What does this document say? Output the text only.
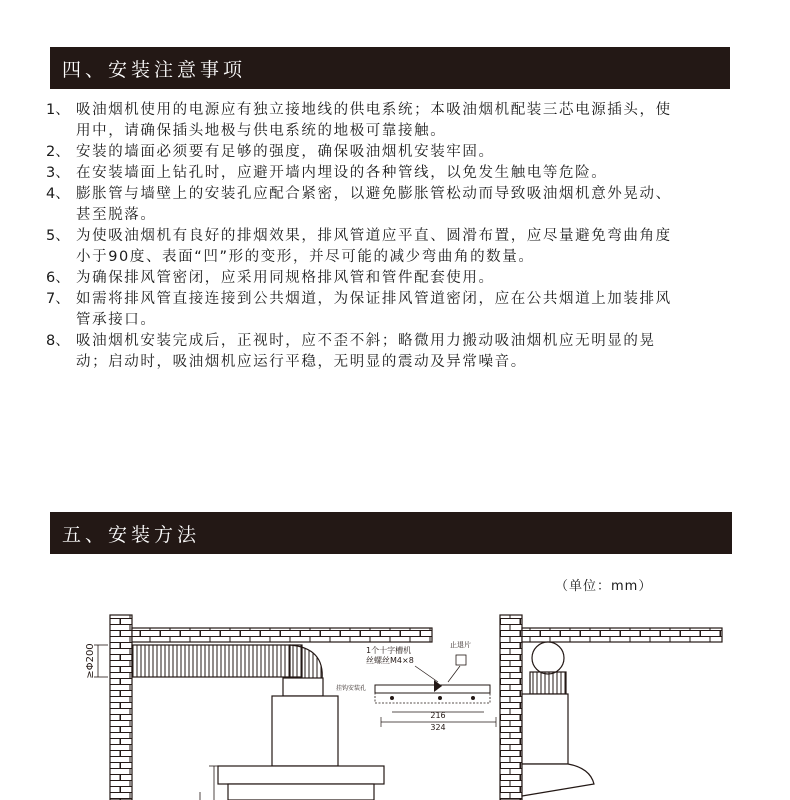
四、安装注意事项
1、 吸油烟机使用的电源应有独立接地线的供电系统；本吸油烟机配装三芯电源插头，使用中，请确保插头地极与供电系统的地极可靠接触。
2、 安装的墙面必须要有足够的强度，确保吸油烟机安装牢固。
3、 在安装墙面上钻孔时，应避开墙内埋设的各种管线，以免发生触电等危险。
4、 膨胀管与墙壁上的安装孔应配合紧密，以避免膨胀管松动而导致吸油烟机意外晃动、甚至脱落。
5、 为使吸油烟机有良好的排烟效果，排风管道应平直、圆滑布置，应尽量避免弯曲角度小于90度、表面“凹”形的变形，并尽可能的减少弯曲角的数量。
6、 为确保排风管密闭，应采用同规格排风管和管件配套使用。
7、 如需将排风管直接连接到公共烟道，为保证排风管道密闭，应在公共烟道上加装排风管承接口。
8、 吸油烟机安装完成后，正视时，应不歪不斜；略微用力搬动吸油烟机应无明显的晃动；启动时，吸油烟机应运行平稳，无明显的震动及异常噪音。
五、安装方法
（单位：mm）
≥Φ200	1个十字槽机
丝螺丝M4×8
止退片
挂钩安装孔
216
324
